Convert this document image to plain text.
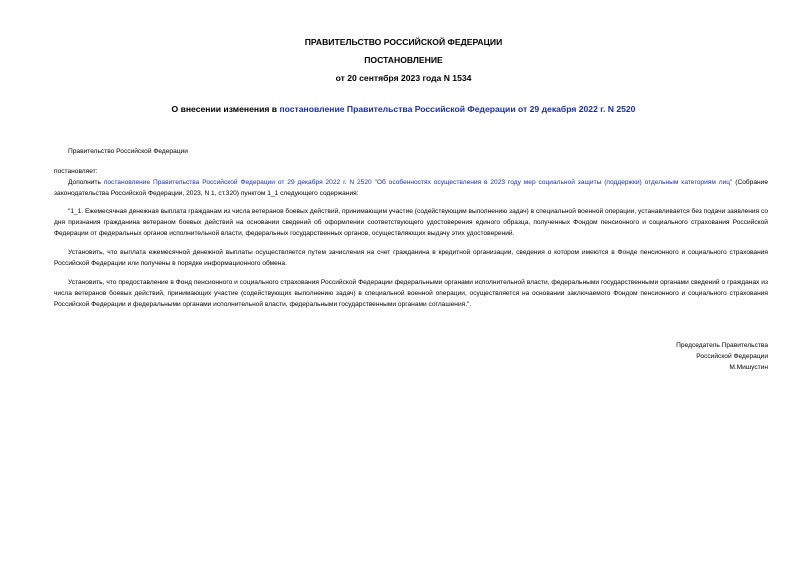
ПРАВИТЕЛЬСТВО РОССИЙСКОЙ ФЕДЕРАЦИИ
ПОСТАНОВЛЕНИЕ
от 20 сентября 2023 года N 1534
О внесении изменения в постановление Правительства Российской Федерации от 29 декабря 2022 г. N 2520
Правительство Российской Федерации
постановляет:
Дополнить постановление Правительства Российской Федерации от 29 декабря 2022 г. N 2520 "Об особенностях осуществления в 2023 году мер социальной защиты (поддержки) отдельным категориям лиц" (Собрание законодательства Российской Федерации, 2023, N 1, ст.320) пунктом 1_1 следующего содержания:
"1_1. Ежемесячная денежная выплата гражданам из числа ветеранов боевых действий, принимающим участие (содействующим выполнению задач) в специальной военной операции, устанавливается без подачи заявления со дня признания гражданина ветераном боевых действий на основании сведений об оформлении соответствующего удостоверения единого образца, полученных Фондом пенсионного и социального страхования Российской Федерации от федеральных органов исполнительной власти, федеральных государственных органов, осуществляющих выдачу этих удостоверений.
Установить, что выплата ежемесячной денежной выплаты осуществляется путем зачисления на счет гражданина в кредитной организации, сведения о котором имеются в Фонде пенсионного и социального страхования Российской Федерации или получены в порядке информационного обмена.
Установить, что предоставление в Фонд пенсионного и социального страхования Российской Федерации федеральными органами исполнительной власти, федеральными государственными органами сведений о гражданах из числа ветеранов боевых действий, принимающих участие (содействующих выполнению задач) в специальной военной операции, осуществляется на основании заключаемого Фондом пенсионного и социального страхования Российской Федерации и федеральными органами исполнительной власти, федеральными государственными органами соглашения.".
Председатель Правительства
Российской Федерации
М.Мишустин
